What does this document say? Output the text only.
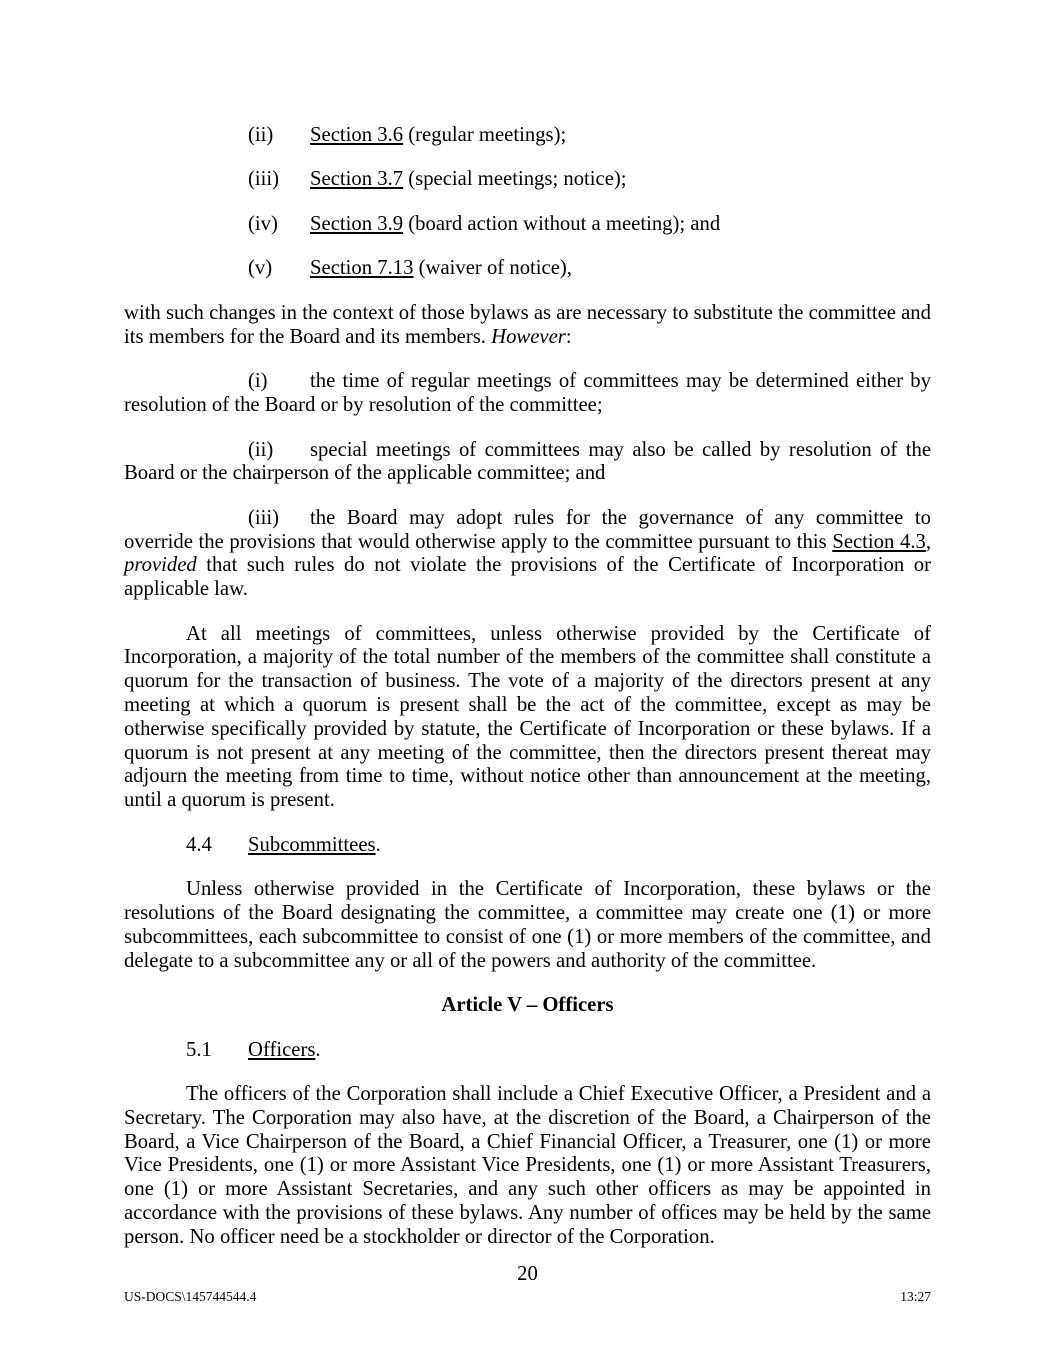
(ii) Section 3.6 (regular meetings);

(iii) Section 3.7 (special meetings; notice);

(iv) Section 3.9 (board action without a meeting); and

(v) Section 7.13 (waiver of notice),

with such changes in the context of those bylaws as are necessary to substitute the committee and its members for the Board and its members. However:

(i) the time of regular meetings of committees may be determined either by resolution of the Board or by resolution of the committee;

(ii) special meetings of committees may also be called by resolution of the Board or the chairperson of the applicable committee; and

(iii) the Board may adopt rules for the governance of any committee to override the provisions that would otherwise apply to the committee pursuant to this Section 4.3, provided that such rules do not violate the provisions of the Certificate of Incorporation or applicable law.

At all meetings of committees, unless otherwise provided by the Certificate of Incorporation, a majority of the total number of the members of the committee shall constitute a quorum for the transaction of business. The vote of a majority of the directors present at any meeting at which a quorum is present shall be the act of the committee, except as may be otherwise specifically provided by statute, the Certificate of Incorporation or these bylaws. If a quorum is not present at any meeting of the committee, then the directors present thereat may adjourn the meeting from time to time, without notice other than announcement at the meeting, until a quorum is present.

4.4 Subcommittees.

Unless otherwise provided in the Certificate of Incorporation, these bylaws or the resolutions of the Board designating the committee, a committee may create one (1) or more subcommittees, each subcommittee to consist of one (1) or more members of the committee, and delegate to a subcommittee any or all of the powers and authority of the committee.

Article V – Officers

5.1 Officers.

The officers of the Corporation shall include a Chief Executive Officer, a President and a Secretary. The Corporation may also have, at the discretion of the Board, a Chairperson of the Board, a Vice Chairperson of the Board, a Chief Financial Officer, a Treasurer, one (1) or more Vice Presidents, one (1) or more Assistant Vice Presidents, one (1) or more Assistant Treasurers, one (1) or more Assistant Secretaries, and any such other officers as may be appointed in accordance with the provisions of these bylaws. Any number of offices may be held by the same person. No officer need be a stockholder or director of the Corporation.

20
US-DOCS\145744544.4	13:27
